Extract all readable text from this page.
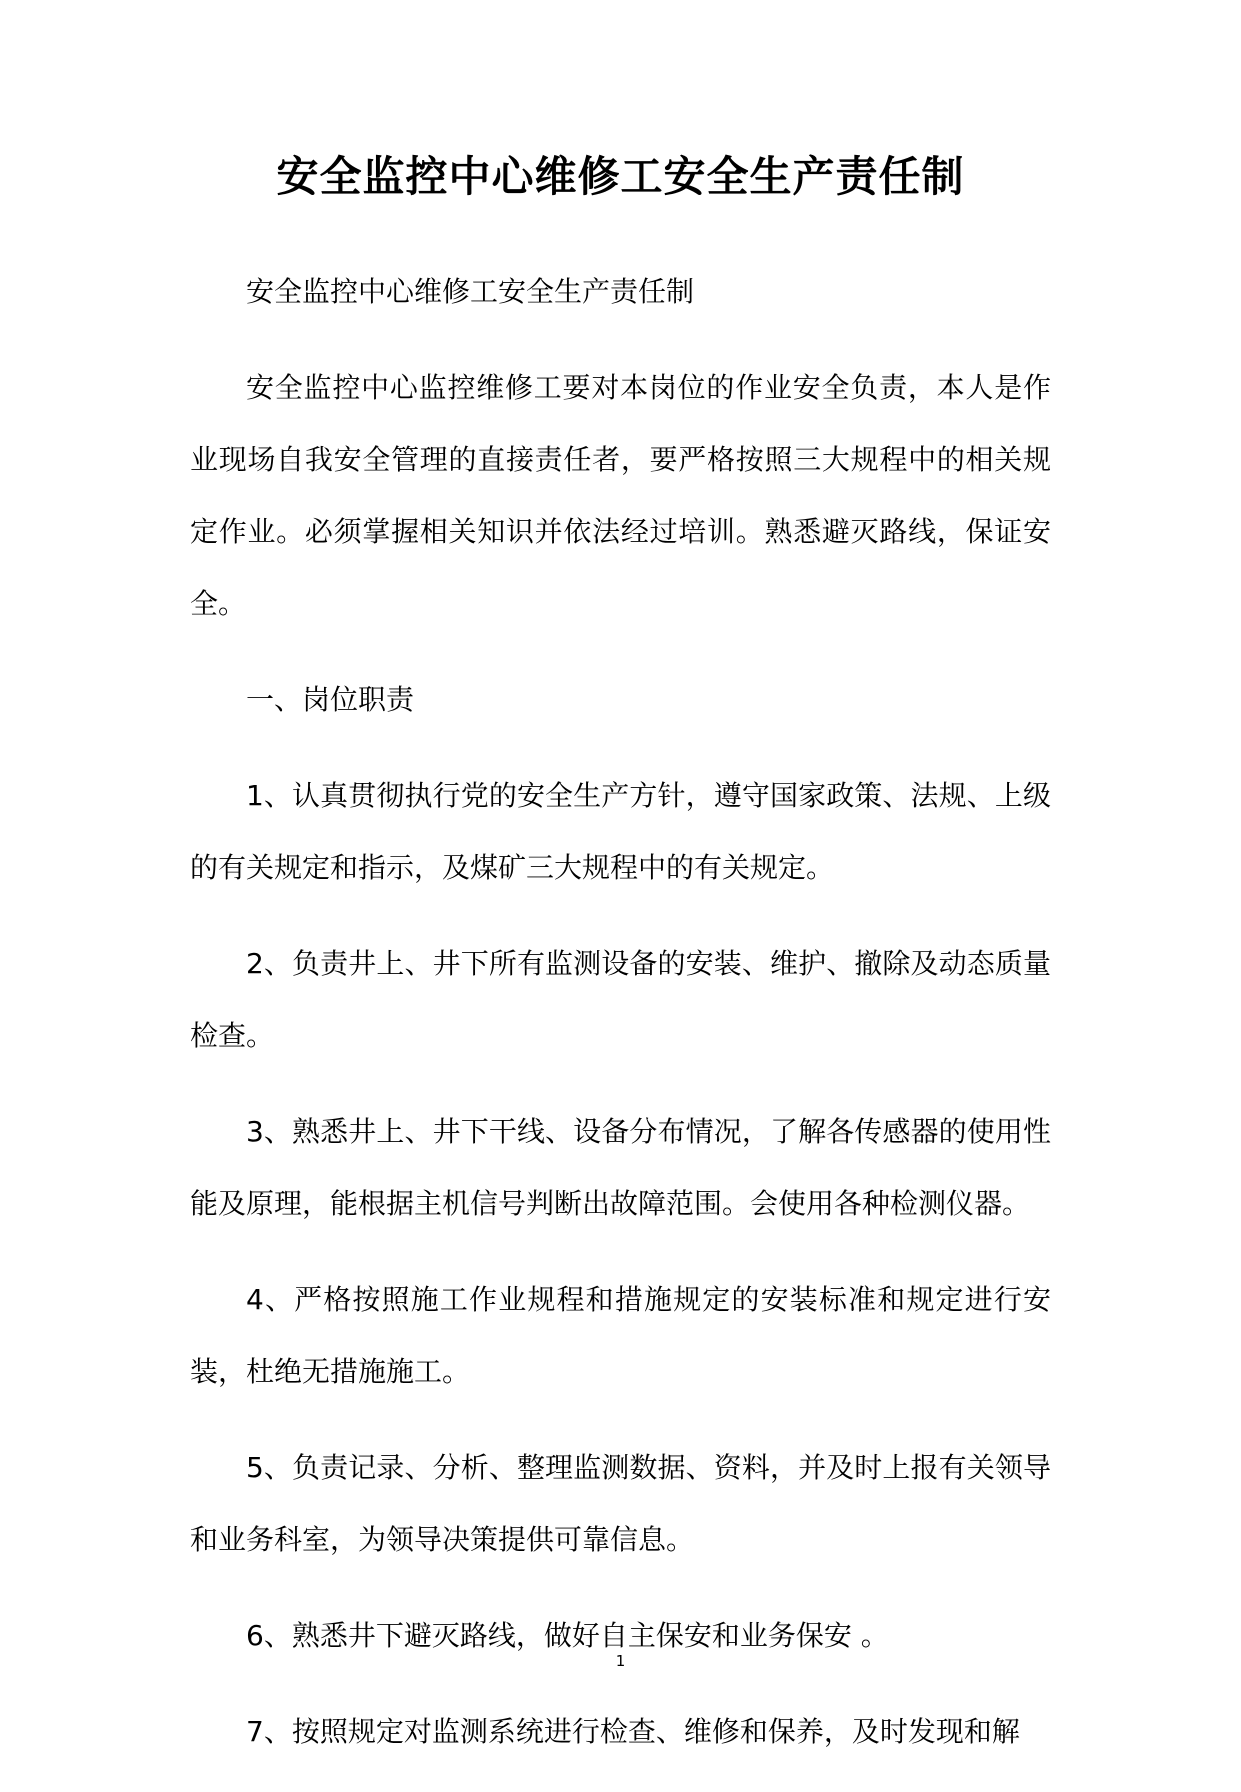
安全监控中心维修工安全生产责任制

安全监控中心维修工安全生产责任制

安全监控中心监控维修工要对本岗位的作业安全负责，本人是作业现场自我安全管理的直接责任者，要严格按照三大规程中的相关规定作业。必须掌握相关知识并依法经过培训。熟悉避灭路线，保证安全。

一、岗位职责

1、认真贯彻执行党的安全生产方针，遵守国家政策、法规、上级的有关规定和指示，及煤矿三大规程中的有关规定。

2、负责井上、井下所有监测设备的安装、维护、撤除及动态质量检查。

3、熟悉井上、井下干线、设备分布情况，了解各传感器的使用性能及原理，能根据主机信号判断出故障范围。会使用各种检测仪器。

4、严格按照施工作业规程和措施规定的安装标准和规定进行安装，杜绝无措施施工。

5、负责记录、分析、整理监测数据、资料，并及时上报有关领导和业务科室，为领导决策提供可靠信息。

6、熟悉井下避灭路线，做好自主保安和业务保安 。

7、按照规定对监测系统进行检查、维修和保养，及时发现和解

1
